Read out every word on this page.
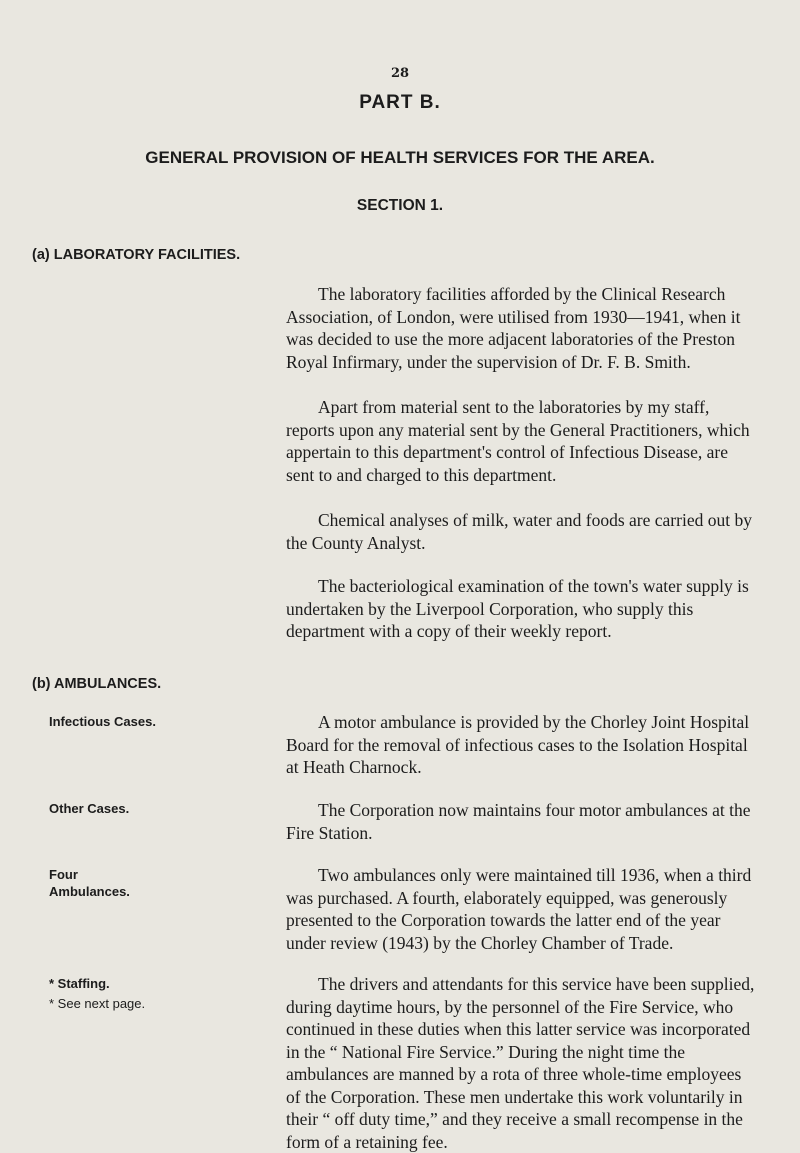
28
PART B.
GENERAL PROVISION OF HEALTH SERVICES FOR THE AREA.
SECTION 1.
(a) LABORATORY FACILITIES.
The laboratory facilities afforded by the Clinical Research Association, of London, were utilised from 1930—1941, when it was decided to use the more adjacent laboratories of the Preston Royal Infirmary, under the supervision of Dr. F. B. Smith.
Apart from material sent to the laboratories by my staff, reports upon any material sent by the General Practitioners, which appertain to this department's control of Infectious Disease, are sent to and charged to this department.
Chemical analyses of milk, water and foods are carried out by the County Analyst.
The bacteriological examination of the town's water supply is undertaken by the Liverpool Corporation, who supply this department with a copy of their weekly report.
(b) AMBULANCES.
Infectious Cases.	A motor ambulance is provided by the Chorley Joint Hospital Board for the removal of infectious cases to the Isolation Hospital at Heath Charnock.
Other Cases.	The Corporation now maintains four motor ambulances at the Fire Station.
Four Ambulances.
Two ambulances only were maintained till 1936, when a third was purchased. A fourth, elaborately equipped, was generously presented to the Corporation towards the latter end of the year under review (1943) by the Chorley Chamber of Trade.
* Staffing.
* See next page.
The drivers and attendants for this service have been supplied, during daytime hours, by the personnel of the Fire Service, who continued in these duties when this latter service was incorporated in the “ National Fire Service.” During the night time the ambulances are manned by a rota of three whole-time employees of the Corporation. These men undertake this work voluntarily in their “ off duty time,” and they receive a small recompense in the form of a retaining fee.
